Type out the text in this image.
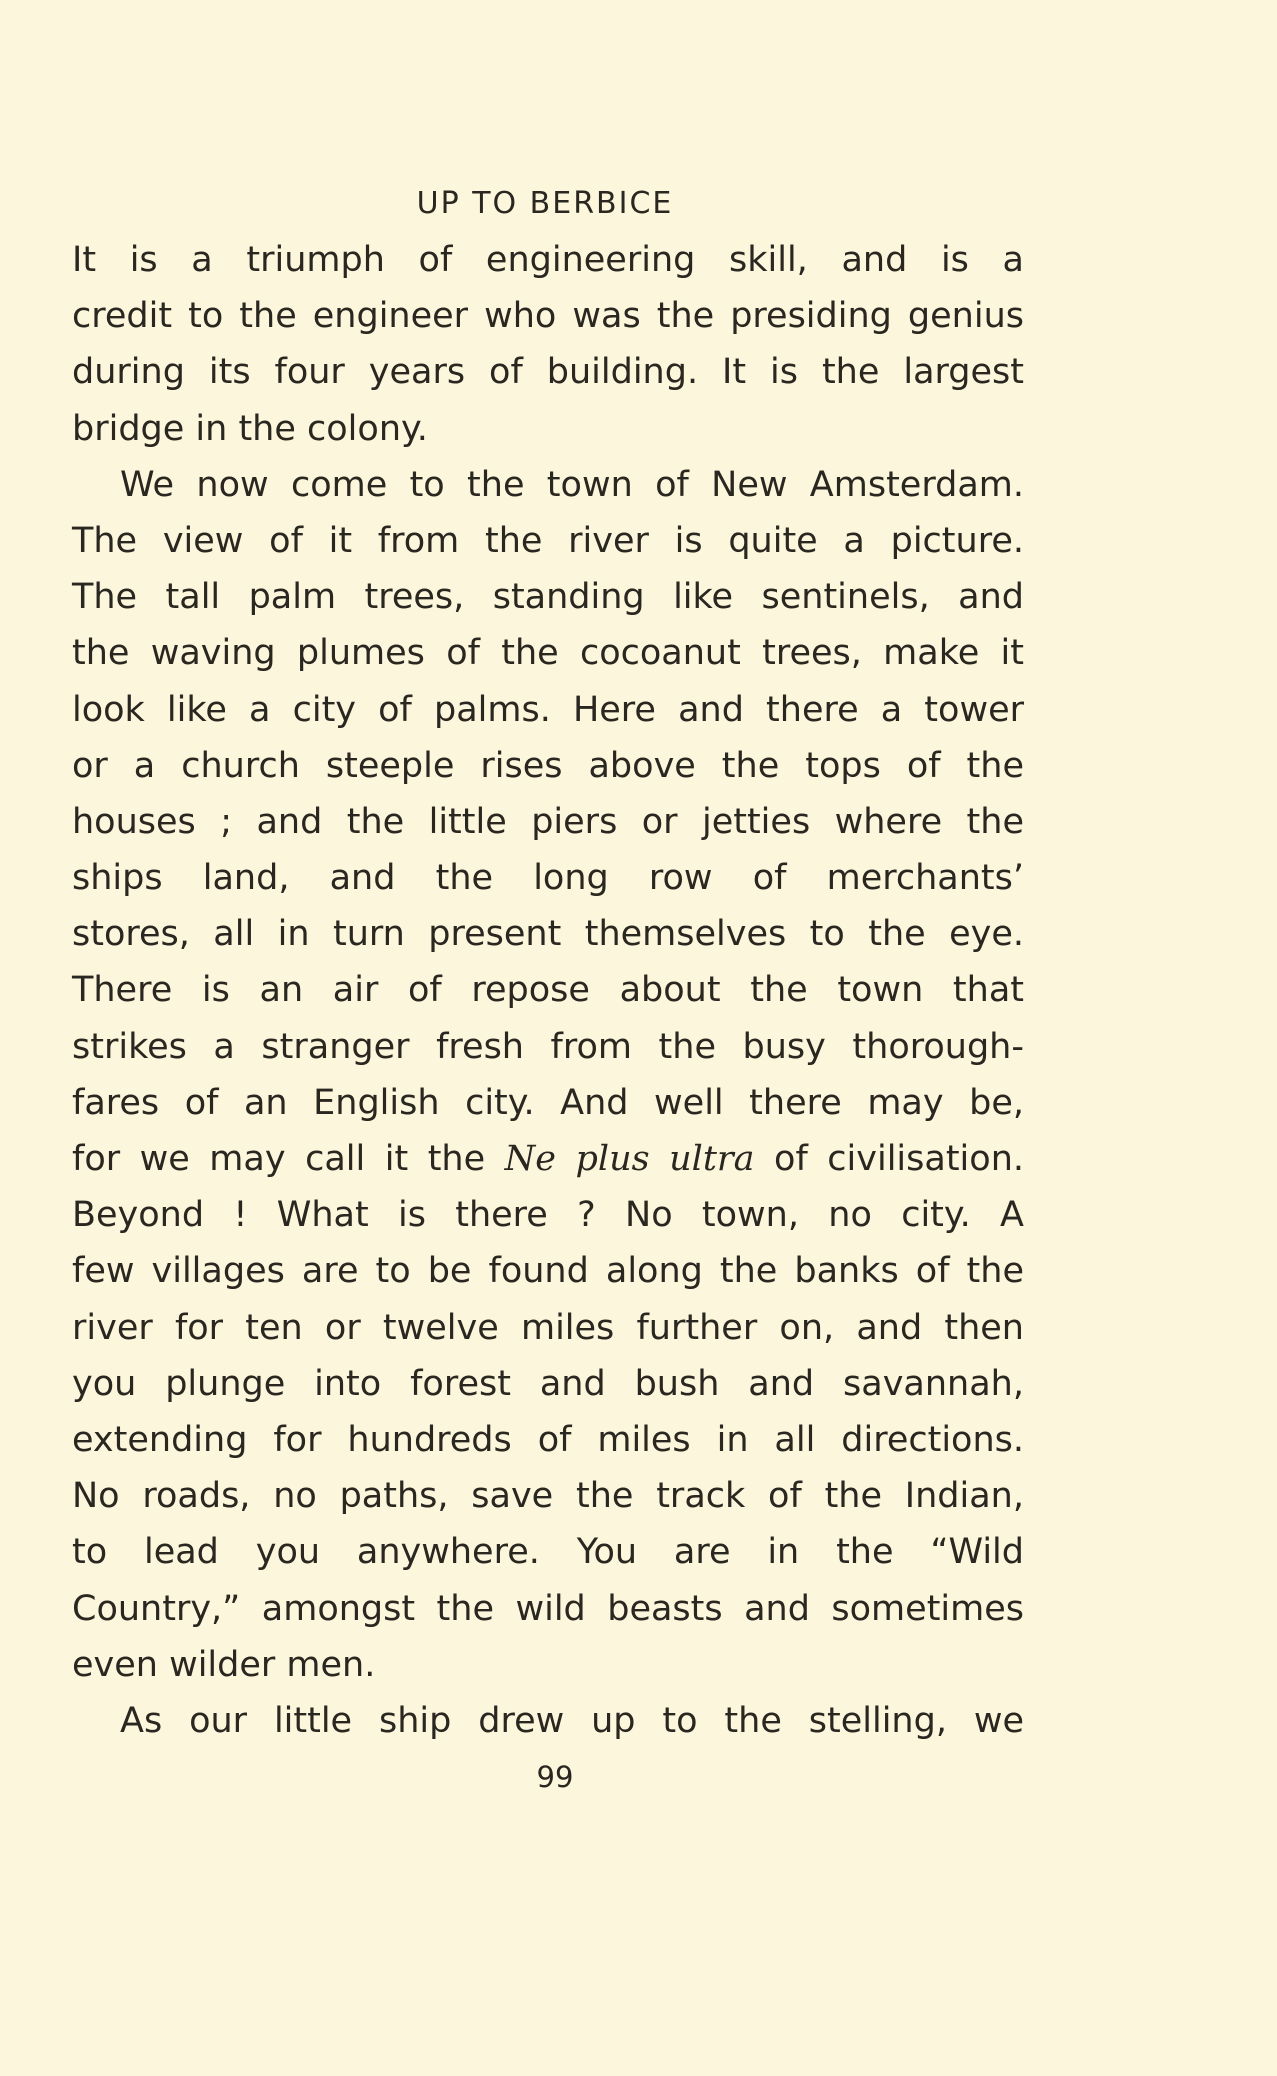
UP TO BERBICE
It is a triumph of engineering skill, and is a
credit to the engineer who was the presiding genius
during its four years of building. It is the largest
bridge in the colony.
We now come to the town of New Amsterdam.
The view of it from the river is quite a picture.
The tall palm trees, standing like sentinels, and
the waving plumes of the cocoanut trees, make it
look like a city of palms. Here and there a tower
or a church steeple rises above the tops of the
houses ; and the little piers or jetties where the
ships land, and the long row of merchants’
stores, all in turn present themselves to the eye.
There is an air of repose about the town that
strikes a stranger fresh from the busy thorough-
fares of an English city. And well there may be,
for we may call it the Ne plus ultra of civilisation.
Beyond ! What is there ? No town, no city. A
few villages are to be found along the banks of the
river for ten or twelve miles further on, and then
you plunge into forest and bush and savannah,
extending for hundreds of miles in all directions.
No roads, no paths, save the track of the Indian,
to lead you anywhere. You are in the “Wild
Country,” amongst the wild beasts and sometimes
even wilder men.
As our little ship drew up to the stelling, we
99
